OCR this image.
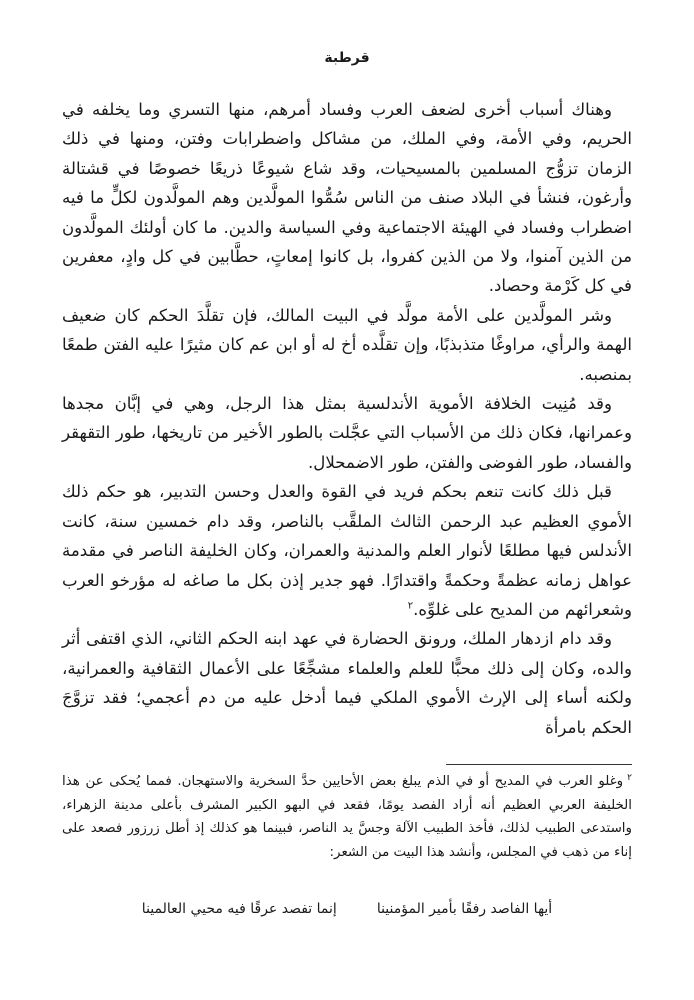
قرطبة

وهناك أسباب أخرى لضعف العرب وفساد أمرهم، منها التسري وما يخلفه في الحريم، وفي الأمة، وفي الملك، من مشاكل واضطرابات وفتن، ومنها في ذلك الزمان تزوُّج المسلمين بالمسيحيات، وقد شاع شيوعًا ذريعًا خصوصًا في قشتالة وأرغون، فنشأ في البلاد صنف من الناس سُمُّوا المولَّدين وهم المولَّدون لكلٍّ ما فيه اضطراب وفساد في الهيئة الاجتماعية وفي السياسة والدين. ما كان أولئك المولَّدون من الذين آمنوا، ولا من الذين كفروا، بل كانوا إمعاتٍ، حطَّابين في كل وادٍ، معفرين في كل كَرْمة وحصاد.

وشر المولَّدين على الأمة مولَّد في البيت المالك، فإن تقلَّدَ الحكم كان ضعيف الهمة والرأي، مراوغًا متذبذبًا، وإن تقلَّده أخ له أو ابن عم كان مثيرًا عليه الفتن طمعًا بمنصبه.

وقد مُنِيت الخلافة الأموية الأندلسية بمثل هذا الرجل، وهي في إبَّان مجدها وعمرانها، فكان ذلك من الأسباب التي عجَّلت بالطور الأخير من تاريخها، طور التقهقر والفساد، طور الفوضى والفتن، طور الاضمحلال.

قبل ذلك كانت تنعم بحكم فريد في القوة والعدل وحسن التدبير، هو حكم ذلك الأموي العظيم عبد الرحمن الثالث الملقَّب بالناصر، وقد دام خمسين سنة، كانت الأندلس فيها مطلعًا لأنوار العلم والمدنية والعمران، وكان الخليفة الناصر في مقدمة عواهل زمانه عظمةً وحكمةً واقتدارًا. فهو جدير إذن بكل ما صاغه له مؤرخو العرب وشعرائهم من المديح على غلوِّه.$^٢$

وقد دام ازدهار الملك، ورونق الحضارة في عهد ابنه الحكم الثاني، الذي اقتفى أثر والده، وكان إلى ذلك محبًّا للعلم والعلماء مشجِّعًا على الأعمال الثقافية والعمرانية، ولكنه أساء إلى الإرث الأموي الملكي فيما أدخل عليه من دم أعجمي؛ فقد تزوَّجَ الحكم بامرأة

$^٢$وغلو العرب في المديح أو في الذم يبلغ بعض الأحايين حدَّ السخرية والاستهجان. فمما يُحكى عن هذا الخليفة العربي العظيم أنه أراد الفصد يومًا، فقعد في البهو الكبير المشرف بأعلى مدينة الزهراء، واستدعى الطبيب لذلك، فأخذ الطبيب الآلة وجسَّ يد الناصر، فبينما هو كذلك إذ أطل زرزور فصعد على إناء من ذهب في المجلس، وأنشد هذا البيت من الشعر:

أيها الفاصد رفقًا بأمير المؤمنينا
إنما تفصد عرقًا فيه محيي العالمينا
